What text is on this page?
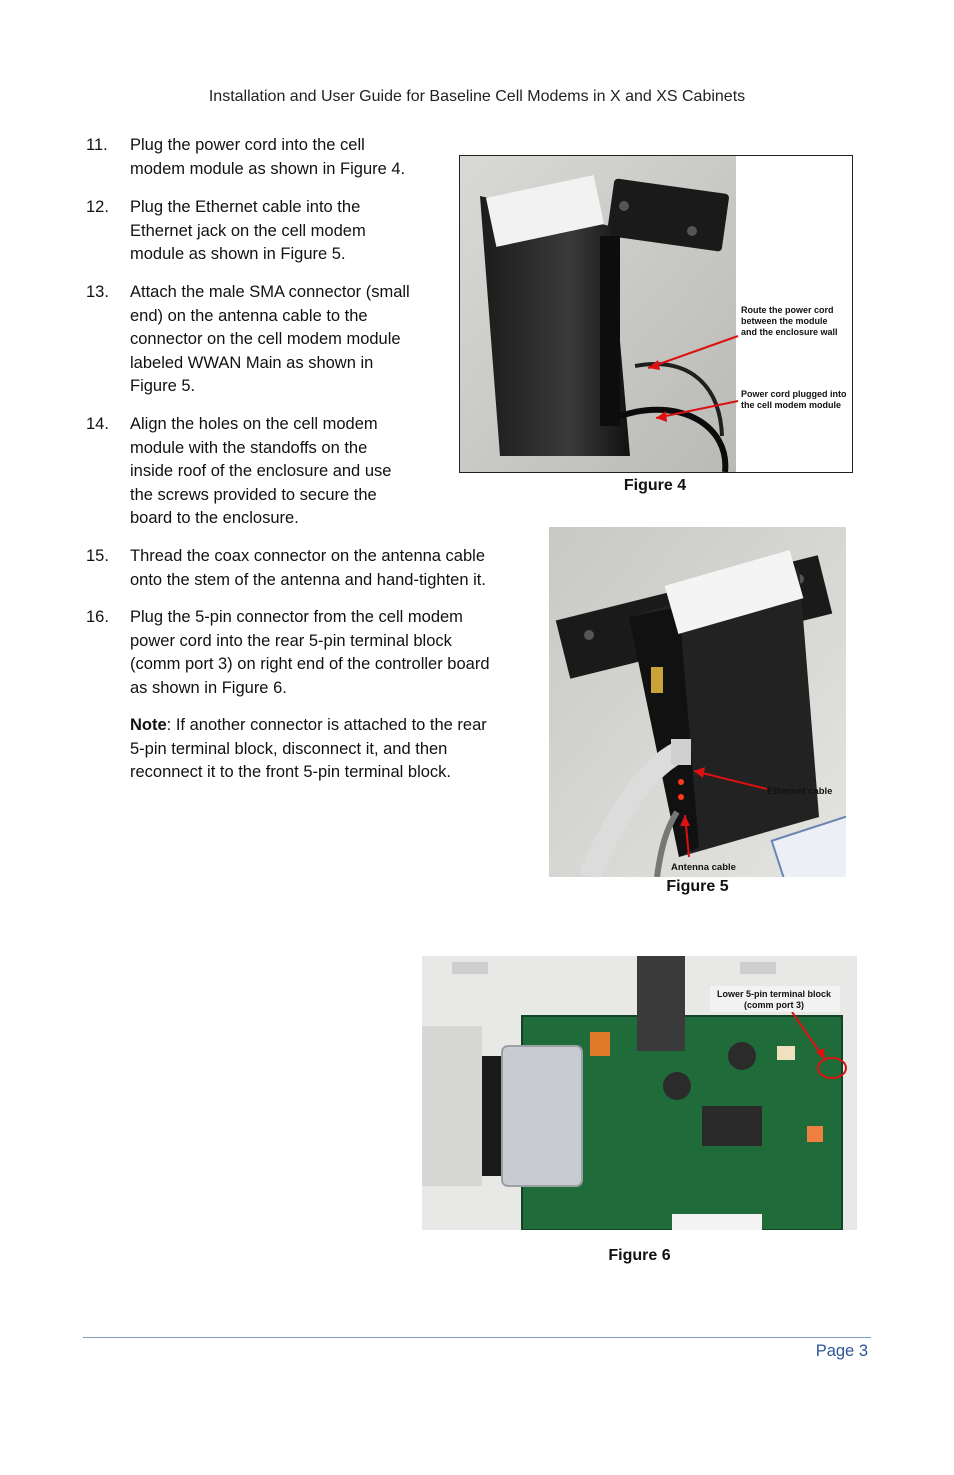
Installation and User Guide for Baseline Cell Modems in X and XS Cabinets
11.	Plug the power cord into the cell
modem module as shown in Figure 4.
12.	Plug the Ethernet cable into the
Ethernet jack on the cell modem
module as shown in Figure 5.
13.	Attach the male SMA connector (small
end) on the antenna cable to the
connector on the cell modem module
labeled WWAN Main as shown in
Figure 5.
14.	Align the holes on the cell modem
module with the standoffs on the
inside roof of the enclosure and use
the screws provided to secure the
board to the enclosure.
15.	Thread the coax connector on the antenna cable
onto the stem of the antenna and hand-tighten it.
16.	Plug the 5-pin connector from the cell modem
power cord into the rear 5-pin terminal block
(comm port 3) on right end of the controller board
as shown in Figure 6.
Note: If another connector is attached to the rear
5-pin terminal block, disconnect it, and then
reconnect it to the front 5-pin terminal block.
Route the power cord
between the module
and the enclosure wall
Power cord plugged into
the cell modem module
Figure 4
Ethernet cable
Antenna cable
Figure 5
Lower 5-pin terminal block
(comm port 3)
Figure 6
Page 3
